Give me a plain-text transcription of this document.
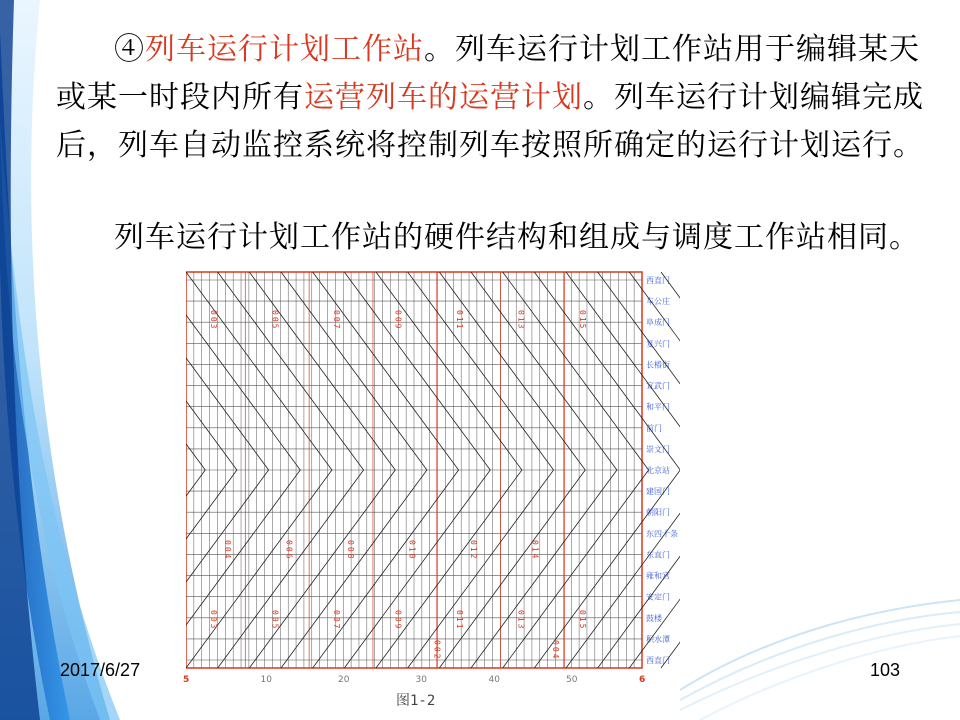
④列车运行计划工作站。列车运行计划工作站用于编辑某天或某一时段内所有运营列车的运营计划。列车运行计划编辑完成后，列车自动监控系统将控制列车按照所确定的运行计划运行。
列车运行计划工作站的硬件结构和组成与调度工作站相同。
西直门
车公庄
阜成门
复兴门
长椿街
宣武门
和平门
前门
崇文门
北京站
建国门
朝阳门
东四十条
东直门
雍和宫
安定门
鼓楼
积水潭
西直门
003	005	007	009	011	013	015
004	006	008	010	012	014
003	005	007	009	011	013	015
002	004
5	10	20	30	40	50	6
图1-2
2017/6/27	103
